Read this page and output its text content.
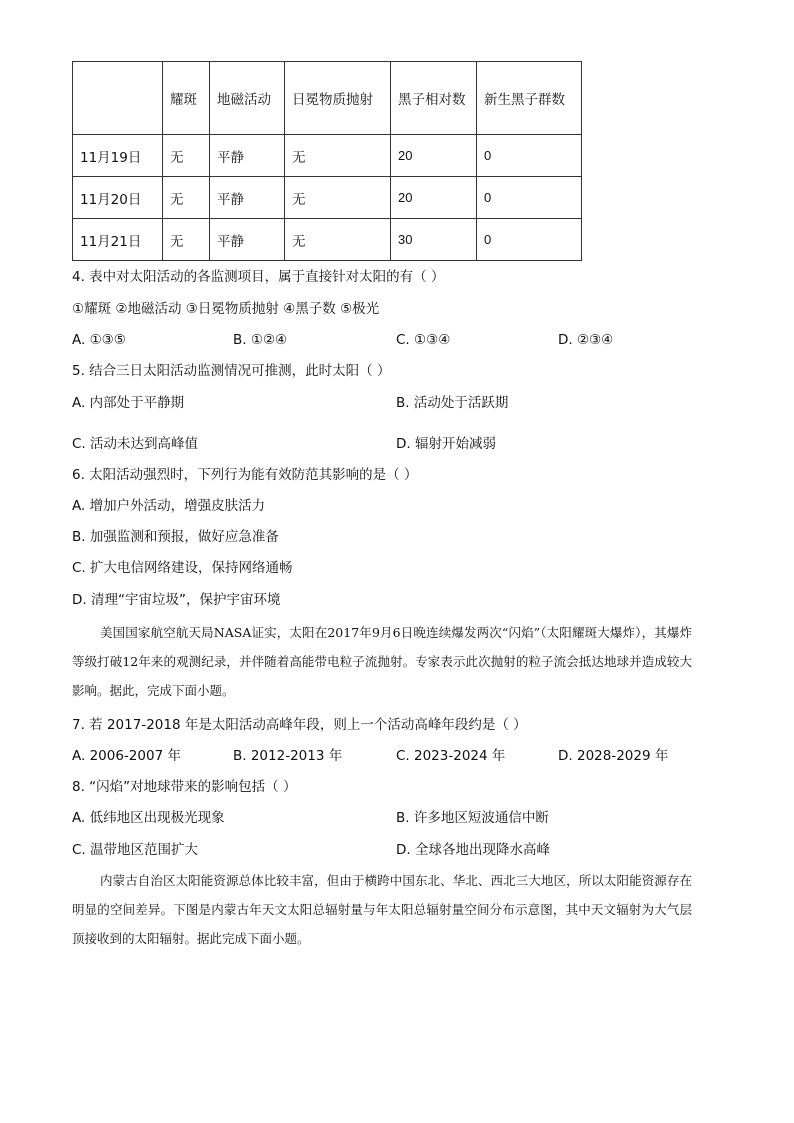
	耀斑	地磁活动	日冕物质抛射	黑子相对数	新生黑子群数
11月19日	无	平静	无	20	0
11月20日	无	平静	无	20	0
11月21日	无	平静	无	30	0
4. 表中对太阳活动的各监测项目，属于直接针对太阳的有（ ）
①耀斑 ②地磁活动 ③日冕物质抛射 ④黑子数 ⑤极光
A. ①③⑤	B. ①②④	C. ①③④	D. ②③④
5. 结合三日太阳活动监测情况可推测，此时太阳（ ）
A. 内部处于平静期	B. 活动处于活跃期
C. 活动未达到高峰值	D. 辐射开始减弱
6. 太阳活动强烈时，下列行为能有效防范其影响的是（ ）
A. 增加户外活动，增强皮肤活力
B. 加强监测和预报，做好应急准备
C. 扩大电信网络建设，保持网络通畅
D. 清理“宇宙垃圾”，保护宇宙环境
美国国家航空航天局NASA证实，太阳在2017年9月6日晚连续爆发两次“闪焰”（太阳耀斑大爆炸），其爆炸等级打破12年来的观测纪录，并伴随着高能带电粒子流抛射。专家表示此次抛射的粒子流会抵达地球并造成较大影响。据此，完成下面小题。
7. 若 2017-2018 年是太阳活动高峰年段，则上一个活动高峰年段约是（ ）
A. 2006-2007 年	B. 2012-2013 年	C. 2023-2024 年	D. 2028-2029 年
8. “闪焰”对地球带来的影响包括（ ）
A. 低纬地区出现极光现象	B. 许多地区短波通信中断
C. 温带地区范围扩大	D. 全球各地出现降水高峰
内蒙古自治区太阳能资源总体比较丰富，但由于横跨中国东北、华北、西北三大地区，所以太阳能资源存在明显的空间差异。下图是内蒙古年天文太阳总辐射量与年太阳总辐射量空间分布示意图，其中天文辐射为大气层顶接收到的太阳辐射。据此完成下面小题。
